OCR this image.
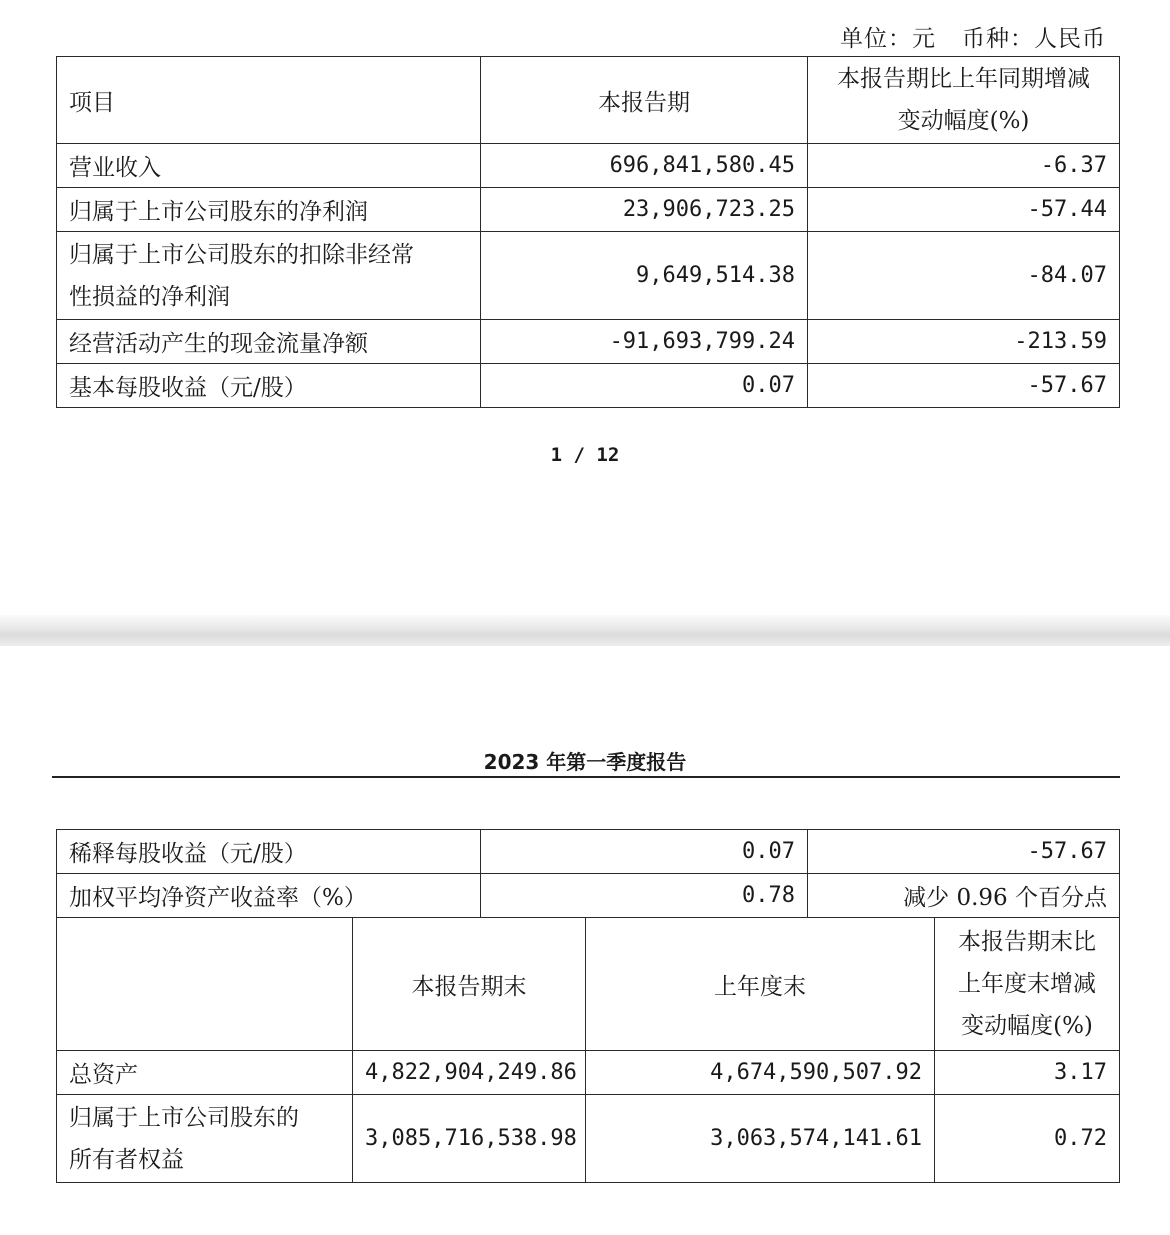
单位：元 币种：人民币
项目	本报告期	本报告期比上年同期增减
变动幅度(%)

营业收入	696,841,580.45	-6.37
归属于上市公司股东的净利润	23,906,723.25	-57.44

归属于上市公司股东的扣除非经常
性损益的净利润	9,649,514.38	-84.07
经营活动产生的现金流量净额	-91,693,799.24	-213.59
基本每股收益（元/股）	0.07	-57.67
1 / 12
2023 年第一季度报告
稀释每股收益（元/股）	0.07	-57.67
加权平均净资产收益率（%）	0.78	减少 0.96 个百分点
	本报告期末	上年度末	本报告期末比
上年度末增减
变动幅度(%)

总资产	4,822,904,249.86	4,674,590,507.92	3.17

归属于上市公司股东的
所有者权益	3,085,716,538.98	3,063,574,141.61	0.72
